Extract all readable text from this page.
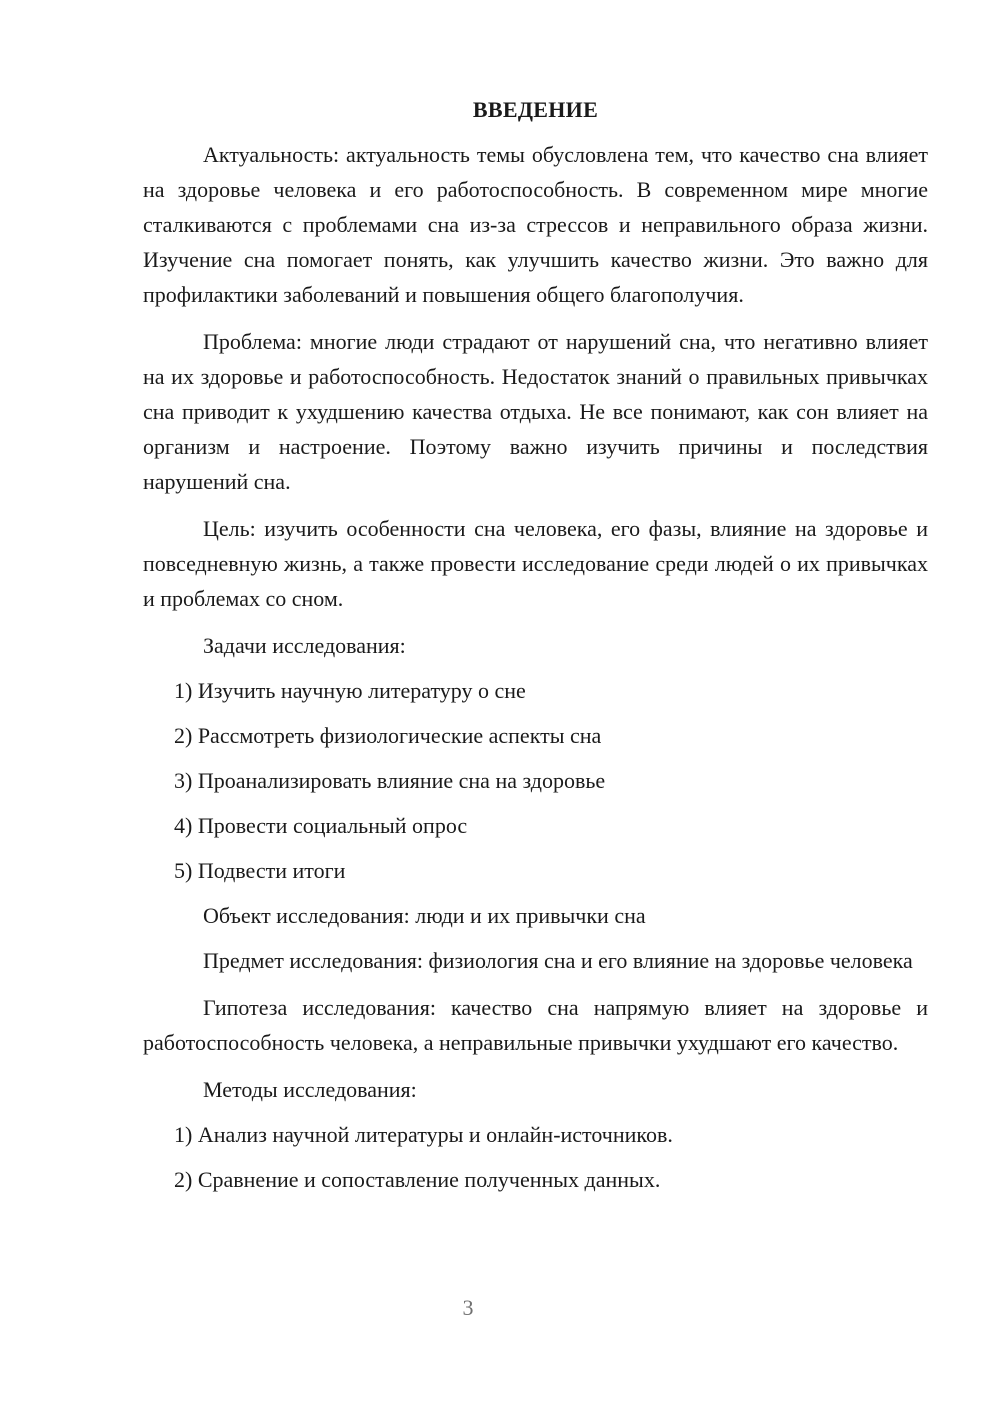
ВВЕДЕНИЕ

Актуальность: актуальность темы обусловлена тем, что качество сна влияет на здоровье человека и его работоспособность. В современном мире многие сталкиваются с проблемами сна из-за стрессов и неправильного образа жизни. Изучение сна помогает понять, как улучшить качество жизни. Это важно для профилактики заболеваний и повышения общего благополучия.

Проблема: многие люди страдают от нарушений сна, что негативно влияет на их здоровье и работоспособность. Недостаток знаний о правильных привычках сна приводит к ухудшению качества отдыха. Не все понимают, как сон влияет на организм и настроение. Поэтому важно изучить причины и последствия нарушений сна.

Цель: изучить особенности сна человека, его фазы, влияние на здоровье и повседневную жизнь, а также провести исследование среди людей о их привычках и проблемах со сном.

Задачи исследования:
1) Изучить научную литературу о сне
2) Рассмотреть физиологические аспекты сна
3) Проанализировать влияние сна на здоровье
4) Провести социальный опрос
5) Подвести итоги
Объект исследования: люди и их привычки сна

Предмет исследования: физиология сна и его влияние на здоровье человека

Гипотеза исследования: качество сна напрямую влияет на здоровье и работоспособность человека, а неправильные привычки ухудшают его качество.

Методы исследования:
1) Анализ научной литературы и онлайн-источников.
2) Сравнение и сопоставление полученных данных.
3
